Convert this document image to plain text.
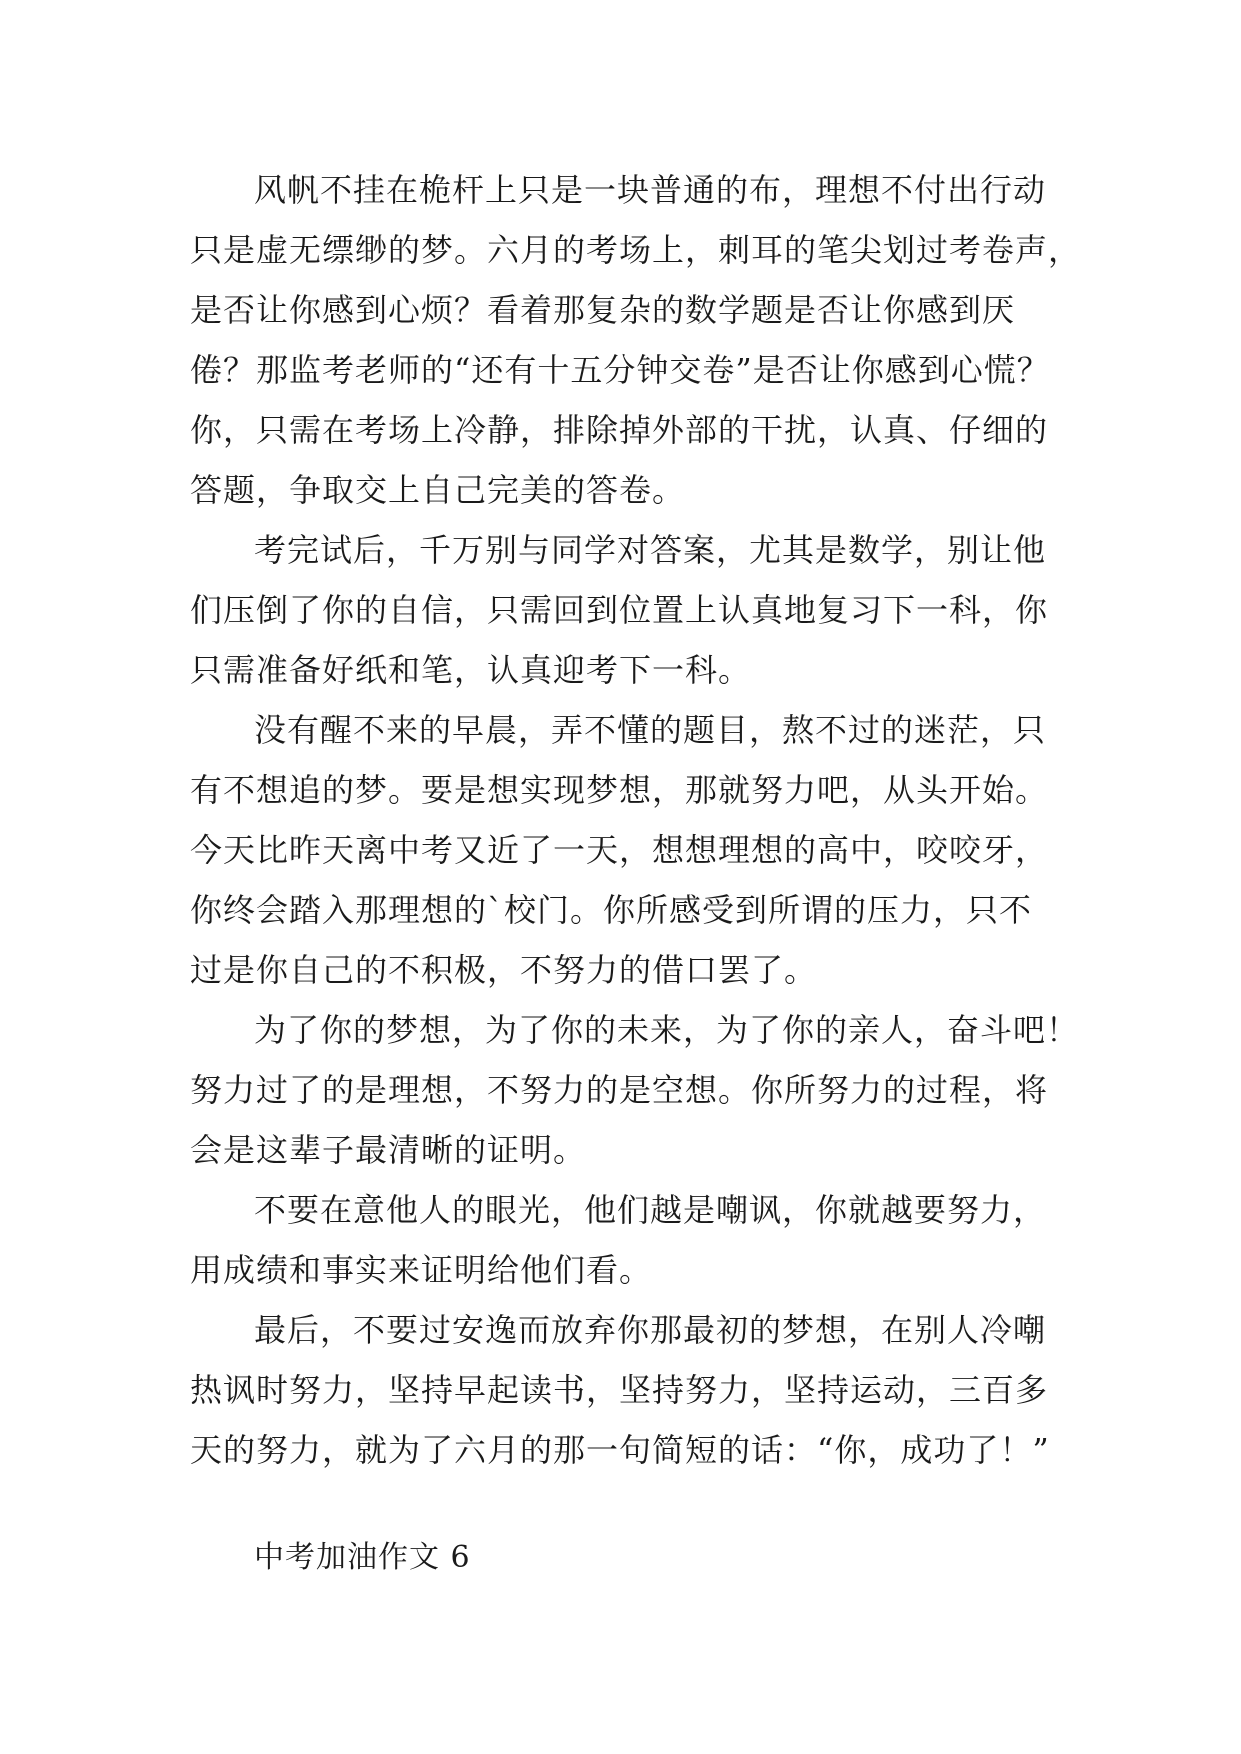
风帆不挂在桅杆上只是一块普通的布，理想不付出行动
只是虚无缥缈的梦。六月的考场上，刺耳的笔尖划过考卷声，
是否让你感到心烦？看着那复杂的数学题是否让你感到厌
倦？那监考老师的“还有十五分钟交卷”是否让你感到心慌？
你，只需在考场上冷静，排除掉外部的干扰，认真、仔细的
答题，争取交上自己完美的答卷。

考完试后，千万别与同学对答案，尤其是数学，别让他
们压倒了你的自信，只需回到位置上认真地复习下一科，你
只需准备好纸和笔，认真迎考下一科。

没有醒不来的早晨，弄不懂的题目，熬不过的迷茫，只
有不想追的梦。要是想实现梦想，那就努力吧，从头开始。
今天比昨天离中考又近了一天，想想理想的高中，咬咬牙，
你终会踏入那理想的`校门。你所感受到所谓的压力，只不
过是你自己的不积极，不努力的借口罢了。

为了你的梦想，为了你的未来，为了你的亲人，奋斗吧！
努力过了的是理想，不努力的是空想。你所努力的过程，将
会是这辈子最清晰的证明。

不要在意他人的眼光，他们越是嘲讽，你就越要努力，
用成绩和事实来证明给他们看。

最后，不要过安逸而放弃你那最初的梦想，在别人冷嘲
热讽时努力，坚持早起读书，坚持努力，坚持运动，三百多
天的努力，就为了六月的那一句简短的话：“你，成功了！”

中考加油作文 6
